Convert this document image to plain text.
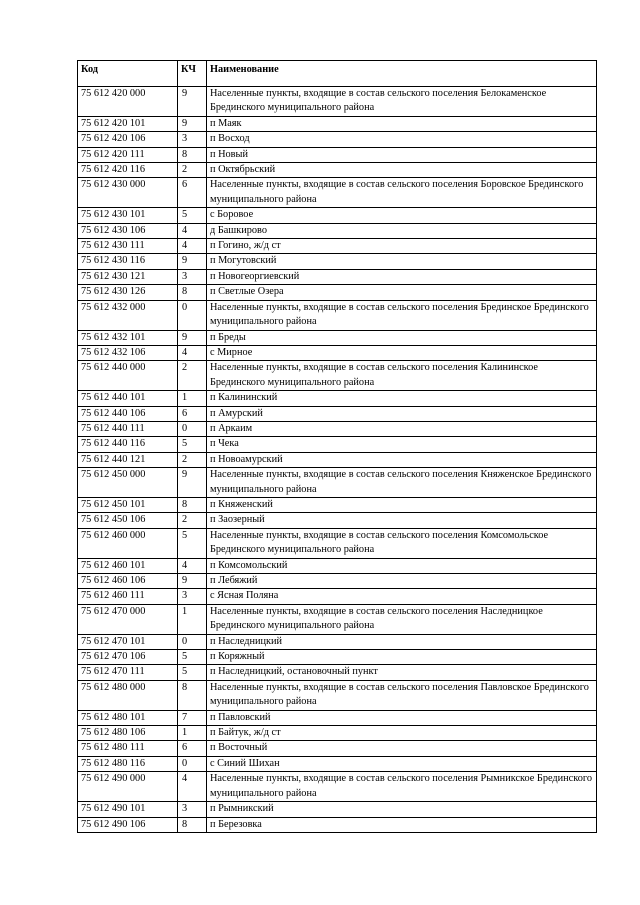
Код	КЧ	Наименование
75 612 420 000	9	Населенные пункты, входящие в состав сельского поселения Белокаменское Брединского муниципального района
75 612 420 101	9	п Маяк
75 612 420 106	3	п Восход
75 612 420 111	8	п Новый
75 612 420 116	2	п Октябрьский
75 612 430 000	6	Населенные пункты, входящие в состав сельского поселения Боровское Брединского муниципального района
75 612 430 101	5	с Боровое
75 612 430 106	4	д Башкирово
75 612 430 111	4	п Гогино, ж/д ст
75 612 430 116	9	п Могутовский
75 612 430 121	3	п Новогеоргиевский
75 612 430 126	8	п Светлые Озера
75 612 432 000	0	Населенные пункты, входящие в состав сельского поселения Брединское Брединского муниципального района
75 612 432 101	9	п Бреды
75 612 432 106	4	с Мирное
75 612 440 000	2	Населенные пункты, входящие в состав сельского поселения Калининское Брединского муниципального района
75 612 440 101	1	п Калининский
75 612 440 106	6	п Амурский
75 612 440 111	0	п Аркаим
75 612 440 116	5	п Чека
75 612 440 121	2	п Новоамурский
75 612 450 000	9	Населенные пункты, входящие в состав сельского поселения Княженское Брединского муниципального района
75 612 450 101	8	п Княженский
75 612 450 106	2	п Заозерный
75 612 460 000	5	Населенные пункты, входящие в состав сельского поселения Комсомольское Брединского муниципального района
75 612 460 101	4	п Комсомольский
75 612 460 106	9	п Лебяжий
75 612 460 111	3	с Ясная Поляна
75 612 470 000	1	Населенные пункты, входящие в состав сельского поселения Наследницкое Брединского муниципального района
75 612 470 101	0	п Наследницкий
75 612 470 106	5	п Коряжный
75 612 470 111	5	п Наследницкий, остановочный пункт
75 612 480 000	8	Населенные пункты, входящие в состав сельского поселения Павловское Брединского муниципального района
75 612 480 101	7	п Павловский
75 612 480 106	1	п Байтук, ж/д ст
75 612 480 111	6	п Восточный
75 612 480 116	0	с Синий Шихан
75 612 490 000	4	Населенные пункты, входящие в состав сельского поселения Рымникское Брединского муниципального района
75 612 490 101	3	п Рымникский
75 612 490 106	8	п Березовка
